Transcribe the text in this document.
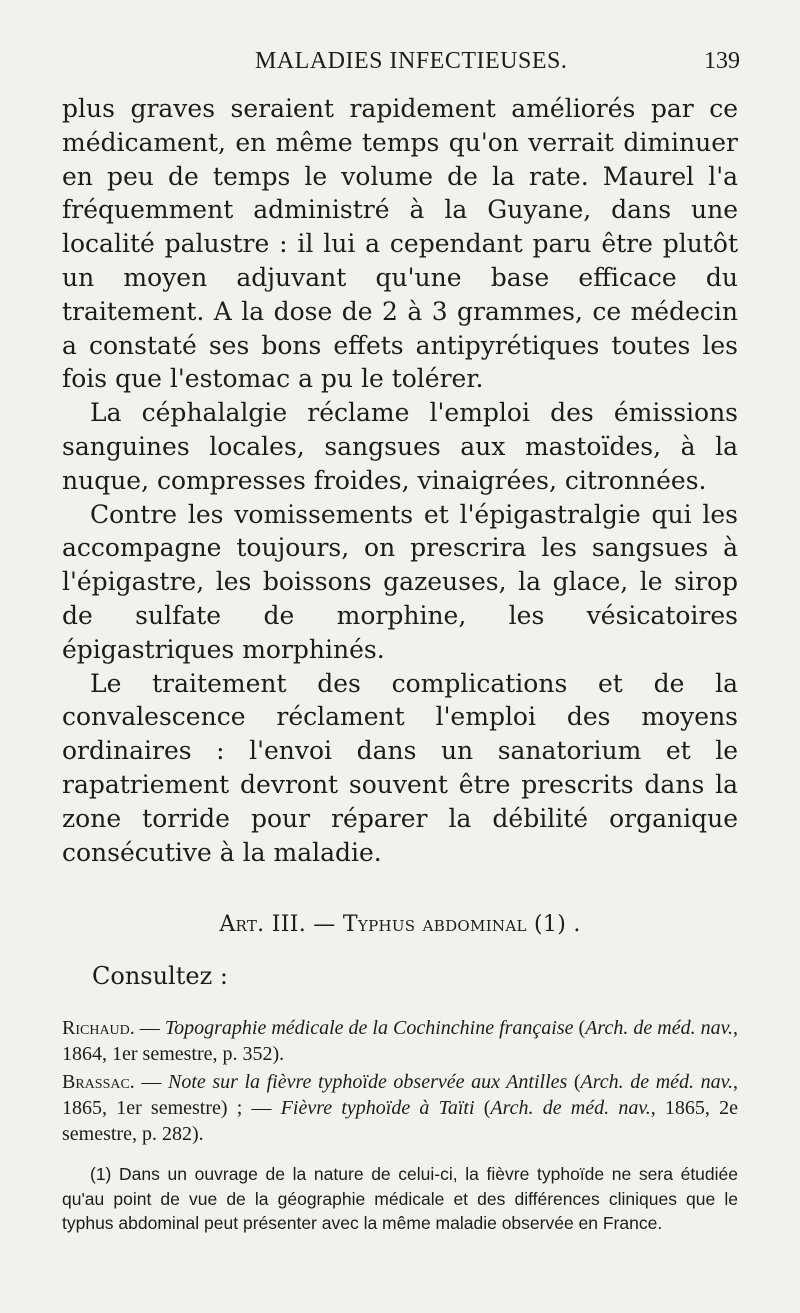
MALADIES INFECTIEUSES.	139

plus graves seraient rapidement améliorés par ce médicament, en même temps qu'on verrait diminuer en peu de temps le volume de la rate. Maurel l'a fréquemment administré à la Guyane, dans une localité palustre : il lui a cependant paru être plutôt un moyen adjuvant qu'une base efficace du traitement. A la dose de 2 à 3 grammes, ce médecin a constaté ses bons effets antipyrétiques toutes les fois que l'estomac a pu le tolérer.

La céphalalgie réclame l'emploi des émissions sanguines locales, sangsues aux mastoïdes, à la nuque, compresses froides, vinaigrées, citronnées.

Contre les vomissements et l'épigastralgie qui les accompagne toujours, on prescrira les sangsues à l'épigastre, les boissons gazeuses, la glace, le sirop de sulfate de morphine, les vésicatoires épigastriques morphinés.

Le traitement des complications et de la convalescence réclament l'emploi des moyens ordinaires : l'envoi dans un sanatorium et le rapatriement devront souvent être prescrits dans la zone torride pour réparer la débilité organique consécutive à la maladie.

Art. III. — Typhus abdominal (1) .
Consultez :

Richaud. — Topographie médicale de la Cochinchine française (Arch. de méd. nav., 1864, 1er semestre, p. 352).

Brassac. — Note sur la fièvre typhoïde observée aux Antilles (Arch. de méd. nav., 1865, 1er semestre) ; — Fièvre typhoïde à Taïti (Arch. de méd. nav., 1865, 2e semestre, p. 282).

(1) Dans un ouvrage de la nature de celui-ci, la fièvre typhoïde ne sera étudiée qu'au point de vue de la géographie médicale et des différences cliniques que le typhus abdominal peut présenter avec la même maladie observée en France.
